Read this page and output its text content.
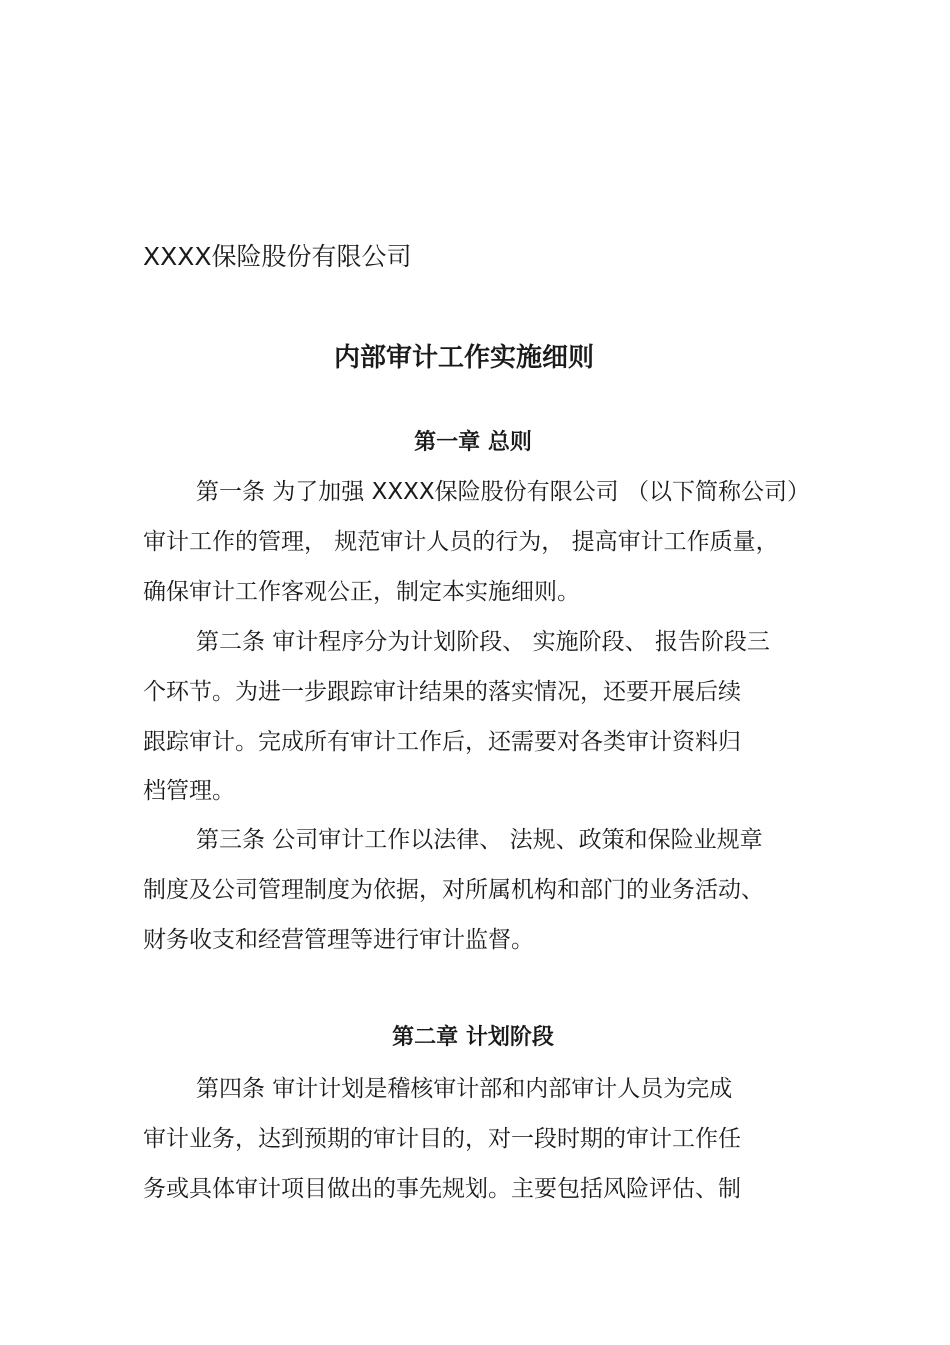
XXXX保险股份有限公司

内部审计工作实施细则
第一章 总则

第一条 为了加强 XXXX保险股份有限公司 （以下简称公司）

审计工作的管理， 规范审计人员的行为， 提高审计工作质量，

确保审计工作客观公正，制定本实施细则。

第二条 审计程序分为计划阶段、 实施阶段、 报告阶段三

个环节。为进一步跟踪审计结果的落实情况，还要开展后续

跟踪审计。完成所有审计工作后，还需要对各类审计资料归

档管理。

第三条 公司审计工作以法律、 法规、政策和保险业规章

制度及公司管理制度为依据，对所属机构和部门的业务活动、

财务收支和经营管理等进行审计监督。

第二章 计划阶段

第四条 审计计划是稽核审计部和内部审计人员为完成

审计业务，达到预期的审计目的，对一段时期的审计工作任

务或具体审计项目做出的事先规划。主要包括风险评估、制
